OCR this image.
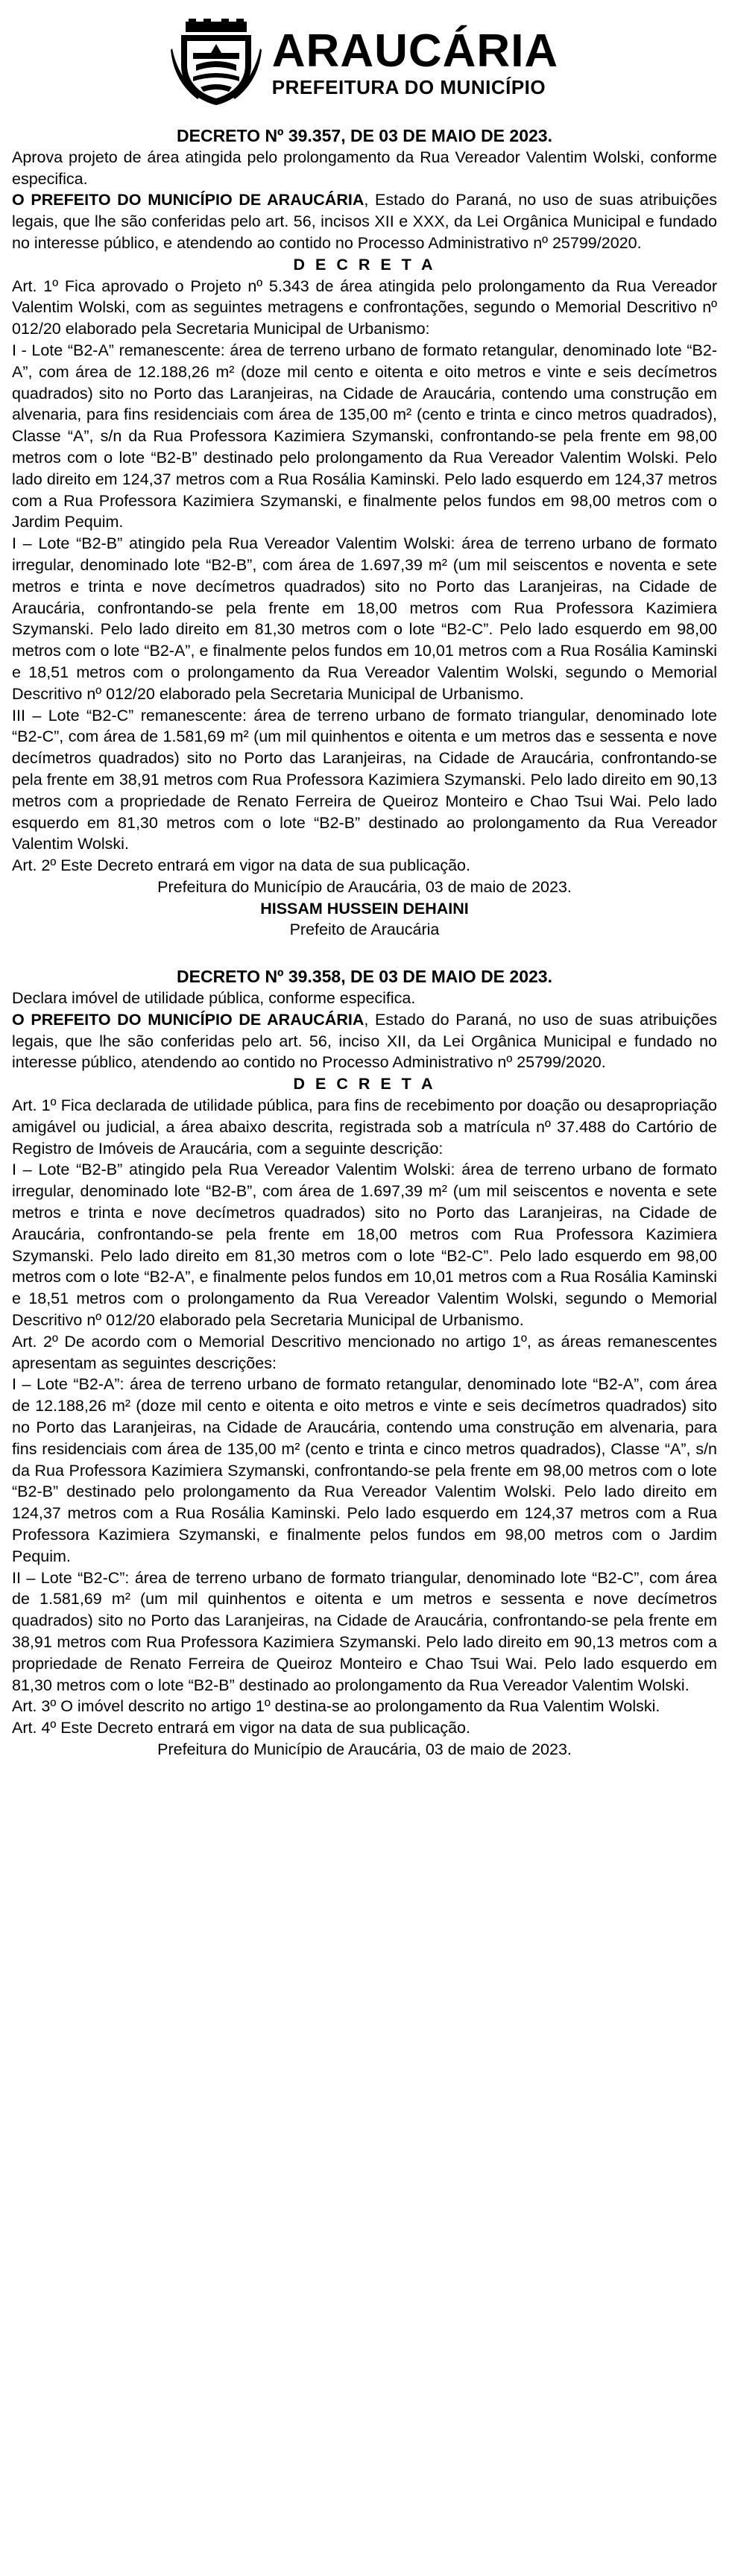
ARAUCÁRIA
PREFEITURA DO MUNICÍPIO
DECRETO Nº 39.357, DE 03 DE MAIO DE 2023.

Aprova projeto de área atingida pelo prolongamento da Rua Vereador Valentim Wolski, conforme especifica.

O PREFEITO DO MUNICÍPIO DE ARAUCÁRIA, Estado do Paraná, no uso de suas atribuições legais, que lhe são conferidas pelo art. 56, incisos XII e XXX, da Lei Orgânica Municipal e fundado no interesse público, e atendendo ao contido no Processo Administrativo nº 25799/2020.

D E C R E T A

Art. 1º Fica aprovado o Projeto nº 5.343 de área atingida pelo prolongamento da Rua Vereador Valentim Wolski, com as seguintes metragens e confrontações, segundo o Memorial Descritivo nº 012/20 elaborado pela Secretaria Municipal de Urbanismo:

I - Lote “B2-A” remanescente: área de terreno urbano de formato retangular, denominado lote “B2-A”, com área de 12.188,26 m² (doze mil cento e oitenta e oito metros e vinte e seis decímetros quadrados) sito no Porto das Laranjeiras, na Cidade de Araucária, contendo uma construção em alvenaria, para fins residenciais com área de 135,00 m² (cento e trinta e cinco metros quadrados), Classe “A”, s/n da Rua Professora Kazimiera Szymanski, confrontando-se pela frente em 98,00 metros com o lote “B2-B” destinado pelo prolongamento da Rua Vereador Valentim Wolski. Pelo lado direito em 124,37 metros com a Rua Rosália Kaminski. Pelo lado esquerdo em 124,37 metros com a Rua Professora Kazimiera Szymanski, e finalmente pelos fundos em 98,00 metros com o Jardim Pequim.

I – Lote “B2-B” atingido pela Rua Vereador Valentim Wolski: área de terreno urbano de formato irregular, denominado lote “B2-B”, com área de 1.697,39 m² (um mil seiscentos e noventa e sete metros e trinta e nove decímetros quadrados) sito no Porto das Laranjeiras, na Cidade de Araucária, confrontando-se pela frente em 18,00 metros com Rua Professora Kazimiera Szymanski. Pelo lado direito em 81,30 metros com o lote “B2-C”. Pelo lado esquerdo em 98,00 metros com o lote “B2-A”, e finalmente pelos fundos em 10,01 metros com a Rua Rosália Kaminski e 18,51 metros com o prolongamento da Rua Vereador Valentim Wolski, segundo o Memorial Descritivo nº 012/20 elaborado pela Secretaria Municipal de Urbanismo.

III – Lote “B2-C” remanescente: área de terreno urbano de formato triangular, denominado lote “B2-C”, com área de 1.581,69 m² (um mil quinhentos e oitenta e um metros das e sessenta e nove decímetros quadrados) sito no Porto das Laranjeiras, na Cidade de Araucária, confrontando-se pela frente em 38,91 metros com Rua Professora Kazimiera Szymanski. Pelo lado direito em 90,13 metros com a propriedade de Renato Ferreira de Queiroz Monteiro e Chao Tsui Wai. Pelo lado esquerdo em 81,30 metros com o lote “B2-B” destinado ao prolongamento da Rua Vereador Valentim Wolski.

Art. 2º Este Decreto entrará em vigor na data de sua publicação.

Prefeitura do Município de Araucária, 03 de maio de 2023.
HISSAM HUSSEIN DEHAINI
Prefeito de Araucária
DECRETO Nº 39.358, DE 03 DE MAIO DE 2023.

Declara imóvel de utilidade pública, conforme especifica.

O PREFEITO DO MUNICÍPIO DE ARAUCÁRIA, Estado do Paraná, no uso de suas atribuições legais, que lhe são conferidas pelo art. 56, inciso XII, da Lei Orgânica Municipal e fundado no interesse público, atendendo ao contido no Processo Administrativo nº 25799/2020.

D E C R E T A

Art. 1º Fica declarada de utilidade pública, para fins de recebimento por doação ou desapropriação amigável ou judicial, a área abaixo descrita, registrada sob a matrícula nº 37.488 do Cartório de Registro de Imóveis de Araucária, com a seguinte descrição:

I – Lote “B2-B” atingido pela Rua Vereador Valentim Wolski: área de terreno urbano de formato irregular, denominado lote “B2-B”, com área de 1.697,39 m² (um mil seiscentos e noventa e sete metros e trinta e nove decímetros quadrados) sito no Porto das Laranjeiras, na Cidade de Araucária, confrontando-se pela frente em 18,00 metros com Rua Professora Kazimiera Szymanski. Pelo lado direito em 81,30 metros com o lote “B2-C”. Pelo lado esquerdo em 98,00 metros com o lote “B2-A”, e finalmente pelos fundos em 10,01 metros com a Rua Rosália Kaminski e 18,51 metros com o prolongamento da Rua Vereador Valentim Wolski, segundo o Memorial Descritivo nº 012/20 elaborado pela Secretaria Municipal de Urbanismo.

Art. 2º De acordo com o Memorial Descritivo mencionado no artigo 1º, as áreas remanescentes apresentam as seguintes descrições:

I – Lote “B2-A”: área de terreno urbano de formato retangular, denominado lote “B2-A”, com área de 12.188,26 m² (doze mil cento e oitenta e oito metros e vinte e seis decímetros quadrados) sito no Porto das Laranjeiras, na Cidade de Araucária, contendo uma construção em alvenaria, para fins residenciais com área de 135,00 m² (cento e trinta e cinco metros quadrados), Classe “A”, s/n da Rua Professora Kazimiera Szymanski, confrontando-se pela frente em 98,00 metros com o lote “B2-B” destinado pelo prolongamento da Rua Vereador Valentim Wolski. Pelo lado direito em 124,37 metros com a Rua Rosália Kaminski. Pelo lado esquerdo em 124,37 metros com a Rua Professora Kazimiera Szymanski, e finalmente pelos fundos em 98,00 metros com o Jardim Pequim.

II – Lote “B2-C”: área de terreno urbano de formato triangular, denominado lote “B2-C”, com área de 1.581,69 m² (um mil quinhentos e oitenta e um metros e sessenta e nove decímetros quadrados) sito no Porto das Laranjeiras, na Cidade de Araucária, confrontando-se pela frente em 38,91 metros com Rua Professora Kazimiera Szymanski. Pelo lado direito em 90,13 metros com a propriedade de Renato Ferreira de Queiroz Monteiro e Chao Tsui Wai. Pelo lado esquerdo em 81,30 metros com o lote “B2-B” destinado ao prolongamento da Rua Vereador Valentim Wolski.

Art. 3º O imóvel descrito no artigo 1º destina-se ao prolongamento da Rua Valentim Wolski.

Art. 4º Este Decreto entrará em vigor na data de sua publicação.

Prefeitura do Município de Araucária, 03 de maio de 2023.
